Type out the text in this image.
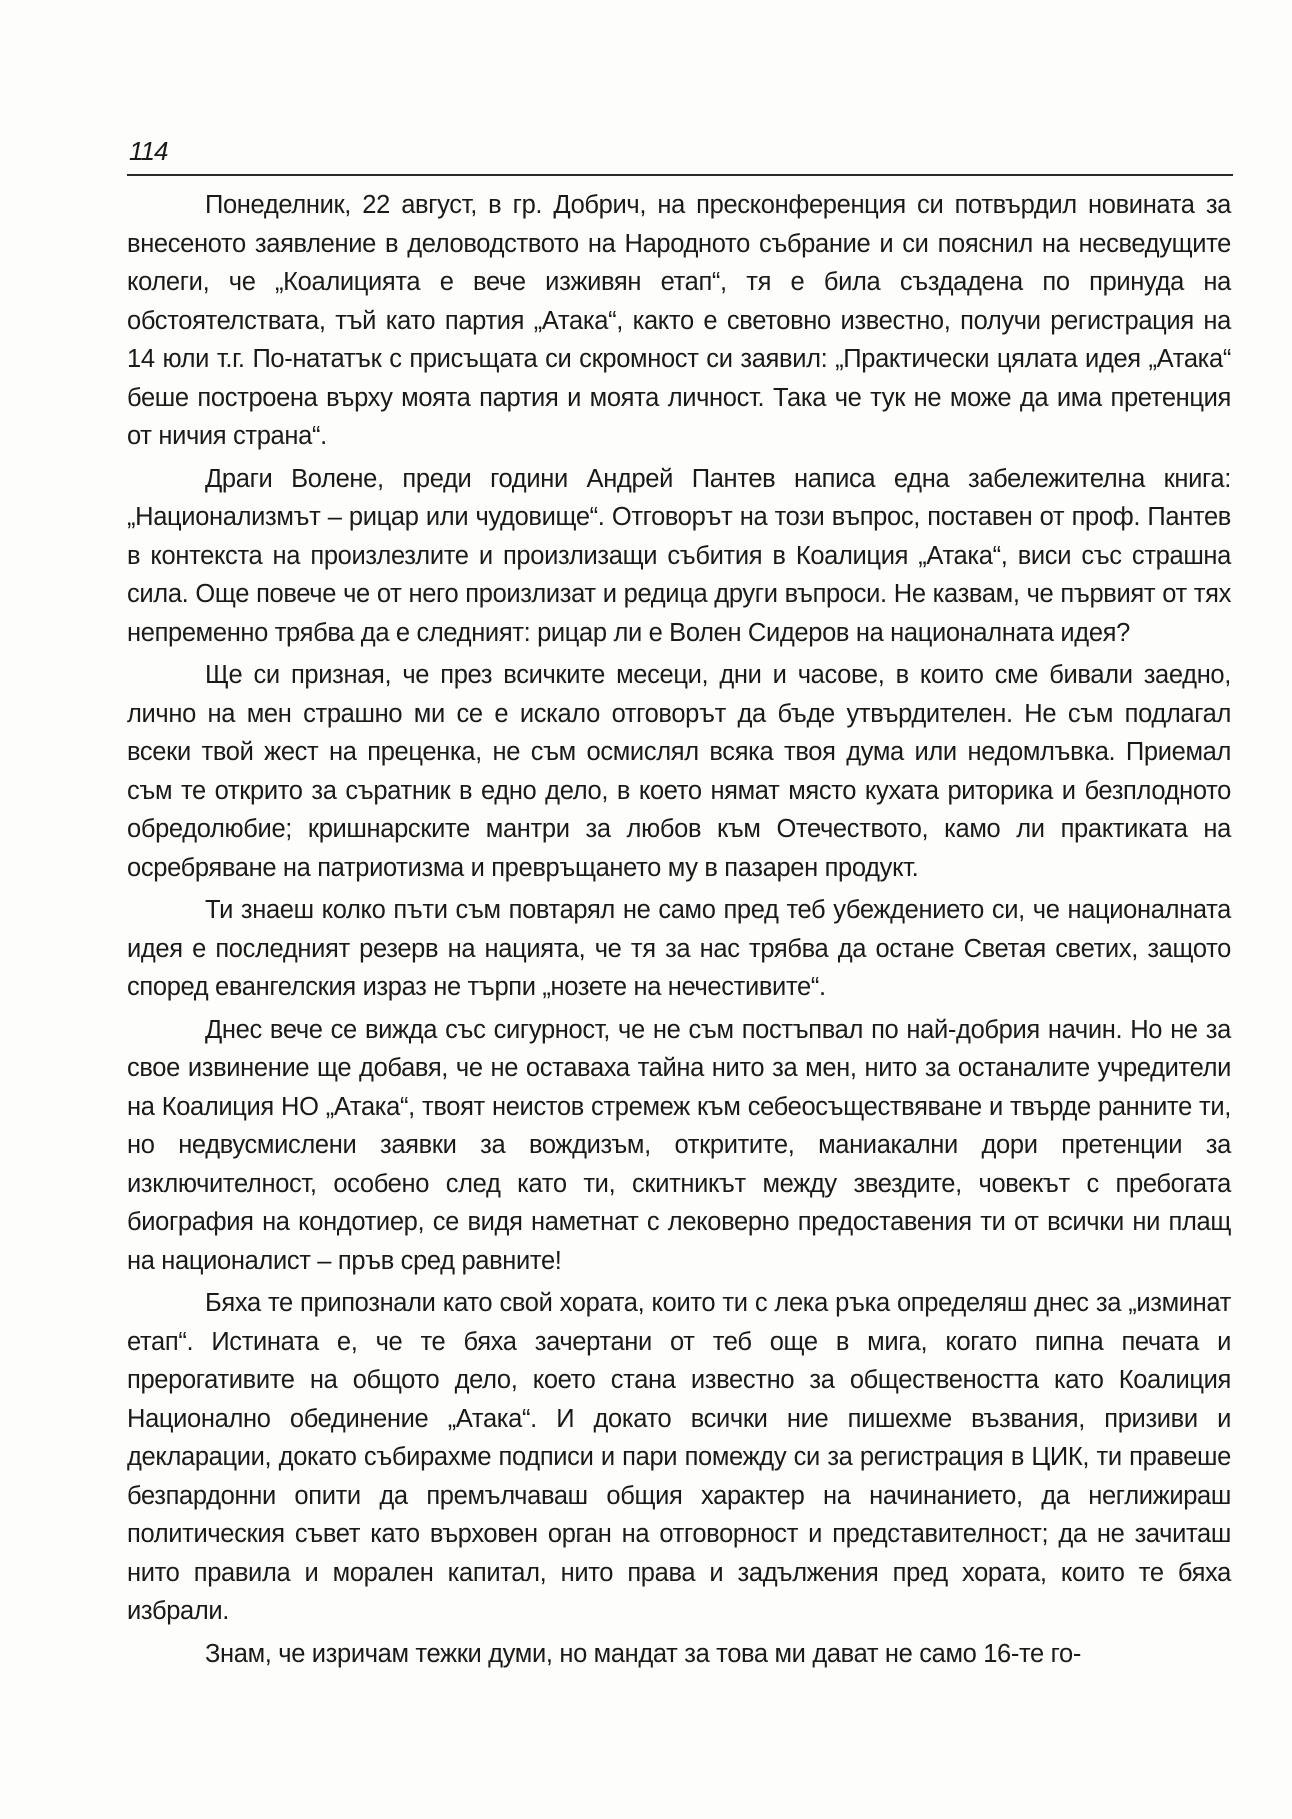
114

Понеделник, 22 август, в гр. Добрич, на пресконференция си потвърдил новината за внесеното заявление в деловодството на Народното събрание и си пояснил на несведущите колеги, че „Коалицията е вече изживян етап“, тя е била създадена по принуда на обстоятелствата, тъй като партия „Атака“, както е световно известно, получи регистрация на 14 юли т.г. По-нататък с присъщата си скромност си заявил: „Практически цялата идея „Атака“ беше построена върху моята партия и моята личност. Така че тук не може да има претенция от ничия страна“.

Драги Волене, преди години Андрей Пантев написа една забележителна книга: „Национализмът – рицар или чудовище“. Отговорът на този въпрос, поставен от проф. Пантев в контекста на произлезлите и произлизащи събития в Коалиция „Атака“, виси със страшна сила. Още повече че от него произлизат и редица други въпроси. Не казвам, че първият от тях непременно трябва да е следният: рицар ли е Волен Сидеров на националната идея?

Ще си призная, че през всичките месеци, дни и часове, в които сме бивали заедно, лично на мен страшно ми се е искало отговорът да бъде утвърдителен. Не съм подлагал всеки твой жест на преценка, не съм осмислял всяка твоя дума или недомлъвка. Приемал съм те открито за съратник в едно дело, в което нямат място кухата риторика и безплодното обредолюбие; кришнарските мантри за любов към Отечеството, камо ли практиката на осребряване на патриотизма и превръщането му в пазарен продукт.

Ти знаеш колко пъти съм повтарял не само пред теб убеждението си, че националната идея е последният резерв на нацията, че тя за нас трябва да остане Светая светих, защото според евангелския израз не търпи „нозете на нечестивите“.

Днес вече се вижда със сигурност, че не съм постъпвал по най-добрия начин. Но не за свое извинение ще добавя, че не оставаха тайна нито за мен, нито за останалите учредители на Коалиция НО „Атака“, твоят неистов стремеж към себеосъществяване и твърде ранните ти, но недвусмислени заявки за вождизъм, откритите, маниакални дори претенции за изключителност, особено след като ти, скитникът между звездите, човекът с пребогата биография на кондотиер, се видя наметнат с лековерно предоставения ти от всички ни плащ на националист – пръв сред равните!

Бяха те припознали като свой хората, които ти с лека ръка определяш днес за „изминат етап“. Истината е, че те бяха зачертани от теб още в мига, когато пипна печата и прерогативите на общото дело, което стана известно за обществеността като Коалиция Национално обединение „Атака“. И докато всички ние пишехме възвания, призиви и декларации, докато събирахме подписи и пари помежду си за регистрация в ЦИК, ти правеше безпардонни опити да премълчаваш общия характер на начинанието, да неглижираш политическия съвет като върховен орган на отговорност и представителност; да не зачиташ нито правила и морален капитал, нито права и задължения пред хората, които те бяха избрали.

Знам, че изричам тежки думи, но мандат за това ми дават не само 16-те го-
